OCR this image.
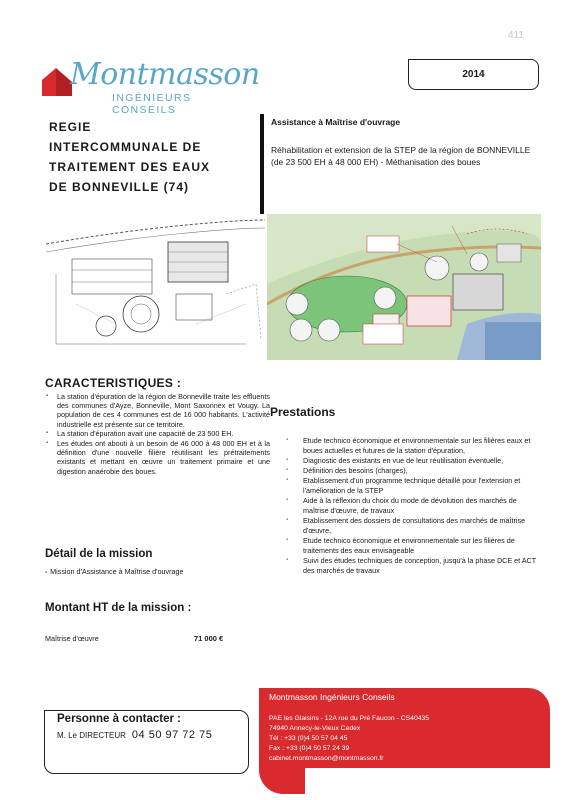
411
Montmasson
INGÉNIEURS CONSEILS
2014
REGIE
INTERCOMMUNALE DE
TRAITEMENT DES EAUX
DE BONNEVILLE (74)
Assistance à Maîtrise d'ouvrage
Réhabilitation et extension de la STEP de la région de BONNEVILLE (de 23 500 EH à 48 000 EH) - Méthanisation des boues
CARACTERISTIQUES :
▪ La station d'épuration de la région de Bonneville traite les effluents des communes d'Ayze, Bonneville, Mont Saxonnex et Vougy. La population de ces 4 communes est de 16 000 habitants. L'activité industrielle est présente sur ce territoire.
▪ La station d'épuration avait une capacité de 23 500 EH.
▪ Les études ont abouti à un besoin de 46 000 à 48 000 EH et à la définition d'une nouvelle filière réutilisant les prétraitements existants et mettant en œuvre un traitement primaire et une digestion anaérobie des boues.
Détail de la mission
▪ Mission d'Assistance à Maîtrise d'ouvrage
Montant HT de la mission :
Maîtrise d'œuvre	71 000 €
Personne à contacter :
M. Le DIRECTEUR 04 50 97 72 75
Prestations
▪ Etude technico économique et environnementale sur les filières eaux et boues actuelles et futures de la station d'épuration,
▪ Diagnostic des existants en vue de leur réutilisation éventuelle,
▪ Définition des besoins (charges),
▪ Etablissement d'un programme technique détaillé pour l'extension et l'amélioration de la STEP
▪ Aide à la réflexion du choix du mode de dévolution des marchés de maîtrise d'œuvre, de travaux
▪ Etablissement des dossiers de consultations des marchés de maîtrise d'œuvre,
▪ Etude technico économique et environnementale sur les filières de traitements des eaux envisageable
▪ Suivi des études techniques de conception, jusqu'à la phase DCE et ACT des marchés de travaux
Montmasson Ingénieurs Conseils
PAE les Glaisins - 12A rue du Pré Faucon - CS40435
74940 Annecy-le-Vieux Cedex
Tél : +33 (0)4 50 57 04 45
Fax : +33 (0)4 50 57 24 39
cabinet.montmasson@montmasson.fr
